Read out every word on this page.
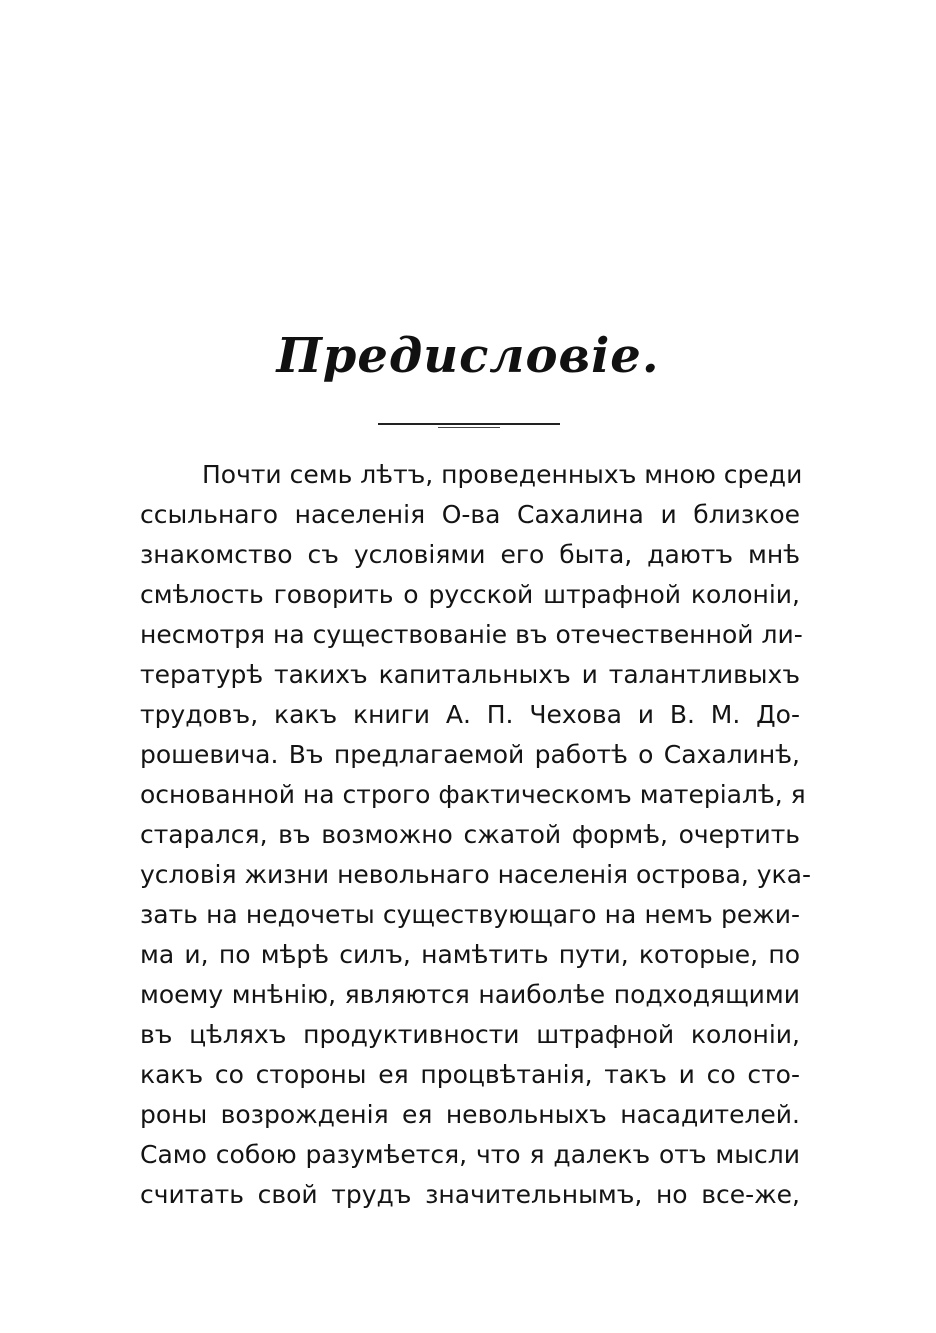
Предисловіе.
Почти семь лѣтъ, проведенныхъ мною среди
ссыльнаго населенія О-ва Сахалина и близкое
знакомство съ условіями его быта, даютъ мнѣ
смѣлость говорить о русской штрафной колоніи,
несмотря на существованіе въ отечественной ли-
тературѣ такихъ капитальныхъ и талантливыхъ
трудовъ, какъ книги А. П. Чехова и В. М. До-
рошевича. Въ предлагаемой работѣ о Сахалинѣ,
основанной на строго фактическомъ матеріалѣ, я
старался, въ возможно сжатой формѣ, очертить
условія жизни невольнаго населенія острова, ука-
зать на недочеты существующаго на немъ режи-
ма и, по мѣрѣ силъ, намѣтить пути, которые, по
моему мнѣнію, являются наиболѣе подходящими
въ цѣляхъ продуктивности штрафной колоніи,
какъ со стороны ея процвѣтанія, такъ и со сто-
роны возрожденія ея невольныхъ насадителей.
Само собою разумѣется, что я далекъ отъ мысли
считать свой трудъ значительнымъ, но все-же,
